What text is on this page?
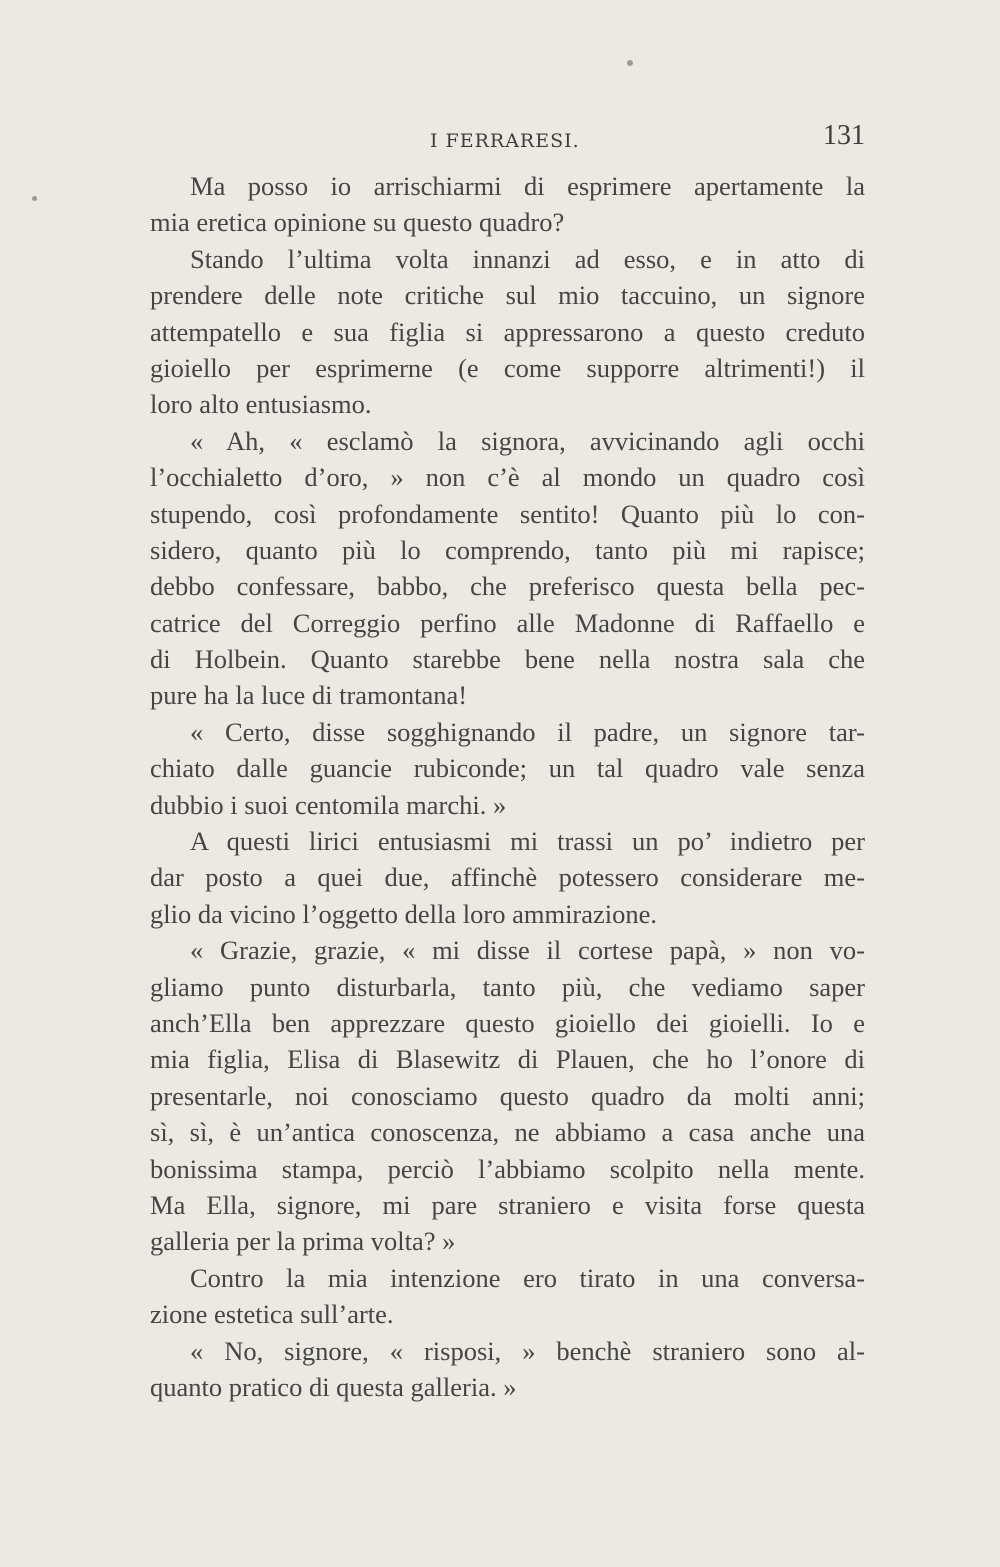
I FERRARESI.	131
Ma posso io arrischiarmi di esprimere apertamente la
mia eretica opinione su questo quadro?
Stando l’ultima volta innanzi ad esso, e in atto di
prendere delle note critiche sul mio taccuino, un signore
attempatello e sua figlia si appressarono a questo creduto
gioiello per esprimerne (e come supporre altrimenti!) il
loro alto entusiasmo.
« Ah, « esclamò la signora, avvicinando agli occhi
l’occhialetto d’oro, » non c’è al mondo un quadro così
stupendo, così profondamente sentito! Quanto più lo con-
sidero, quanto più lo comprendo, tanto più mi rapisce;
debbo confessare, babbo, che preferisco questa bella pec-
catrice del Correggio perfino alle Madonne di Raffaello e
di Holbein. Quanto starebbe bene nella nostra sala che
pure ha la luce di tramontana!
« Certo, disse sogghignando il padre, un signore tar-
chiato dalle guancie rubiconde; un tal quadro vale senza
dubbio i suoi centomila marchi. »
A questi lirici entusiasmi mi trassi un po’ indietro per
dar posto a quei due, affinchè potessero considerare me-
glio da vicino l’oggetto della loro ammirazione.
« Grazie, grazie, « mi disse il cortese papà, » non vo-
gliamo punto disturbarla, tanto più, che vediamo saper
anch’Ella ben apprezzare questo gioiello dei gioielli. Io e
mia figlia, Elisa di Blasewitz di Plauen, che ho l’onore di
presentarle, noi conosciamo questo quadro da molti anni;
sì, sì, è un’antica conoscenza, ne abbiamo a casa anche una
bonissima stampa, perciò l’abbiamo scolpito nella mente.
Ma Ella, signore, mi pare straniero e visita forse questa
galleria per la prima volta? »
Contro la mia intenzione ero tirato in una conversa-
zione estetica sull’arte.
« No, signore, « risposi, » benchè straniero sono al-
quanto pratico di questa galleria. »
